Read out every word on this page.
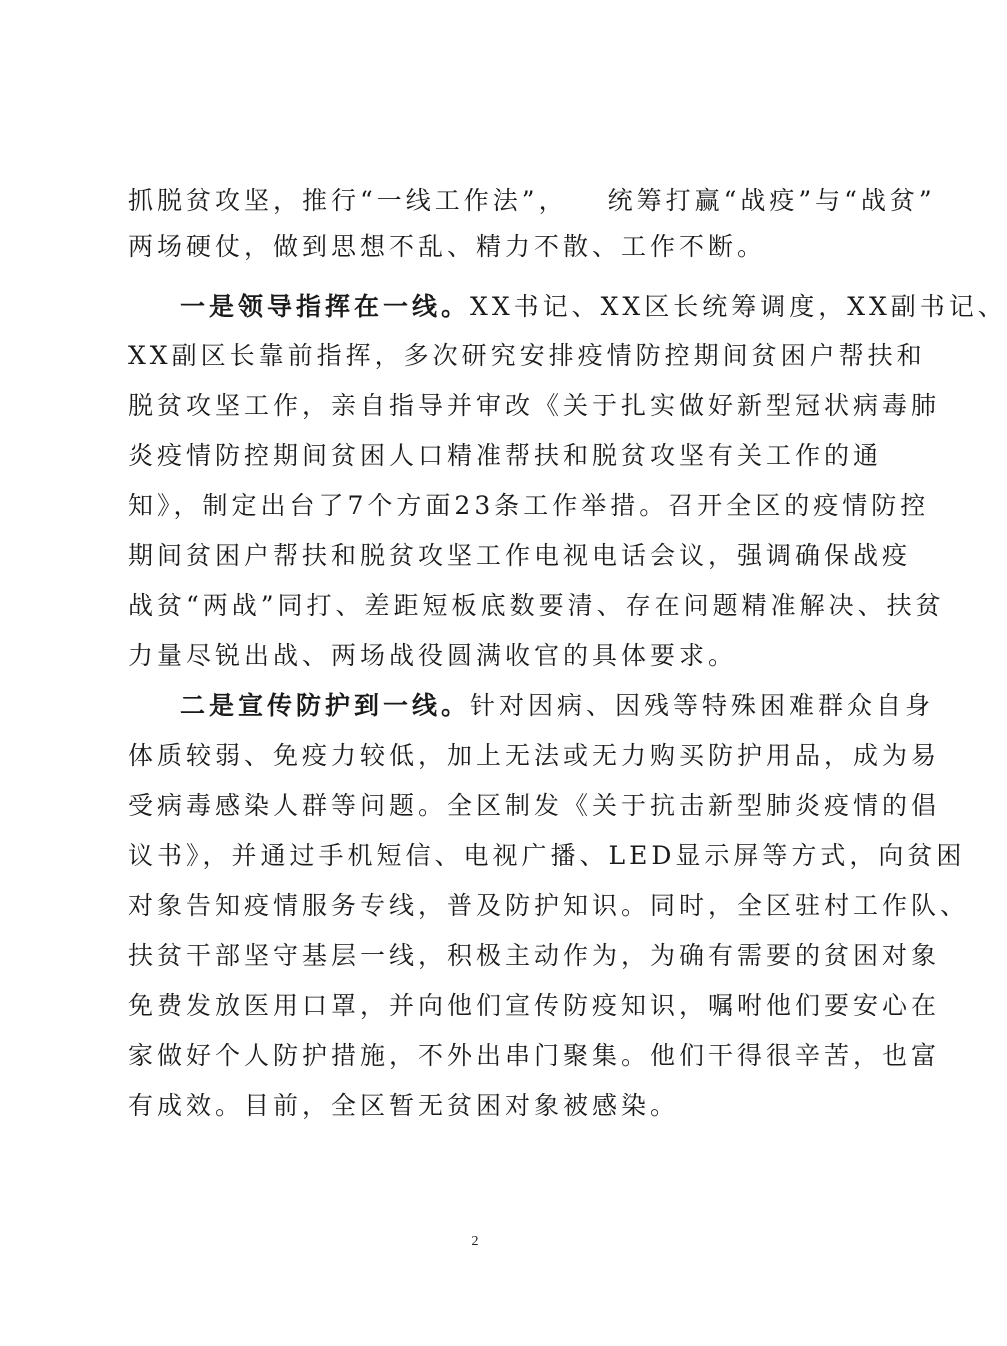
抓脱贫攻坚，推行“一线工作法”， 统筹打赢“战疫”与“战贫”
两场硬仗，做到思想不乱、精力不散、工作不断。
一是领导指挥在一线。XX书记、XX区长统筹调度，XX副书记、
XX副区长靠前指挥，多次研究安排疫情防控期间贫困户帮扶和
脱贫攻坚工作，亲自指导并审改《关于扎实做好新型冠状病毒肺
炎疫情防控期间贫困人口精准帮扶和脱贫攻坚有关工作的通
知》，制定出台了7个方面23条工作举措。召开全区的疫情防控
期间贫困户帮扶和脱贫攻坚工作电视电话会议，强调确保战疫
战贫“两战”同打、差距短板底数要清、存在问题精准解决、扶贫
力量尽锐出战、两场战役圆满收官的具体要求。
二是宣传防护到一线。针对因病、因残等特殊困难群众自身
体质较弱、免疫力较低，加上无法或无力购买防护用品，成为易
受病毒感染人群等问题。全区制发《关于抗击新型肺炎疫情的倡
议书》，并通过手机短信、电视广播、LED显示屏等方式，向贫困
对象告知疫情服务专线，普及防护知识。同时，全区驻村工作队、
扶贫干部坚守基层一线，积极主动作为，为确有需要的贫困对象
免费发放医用口罩，并向他们宣传防疫知识，嘱咐他们要安心在
家做好个人防护措施，不外出串门聚集。他们干得很辛苦，也富
有成效。目前，全区暂无贫困对象被感染。
2
